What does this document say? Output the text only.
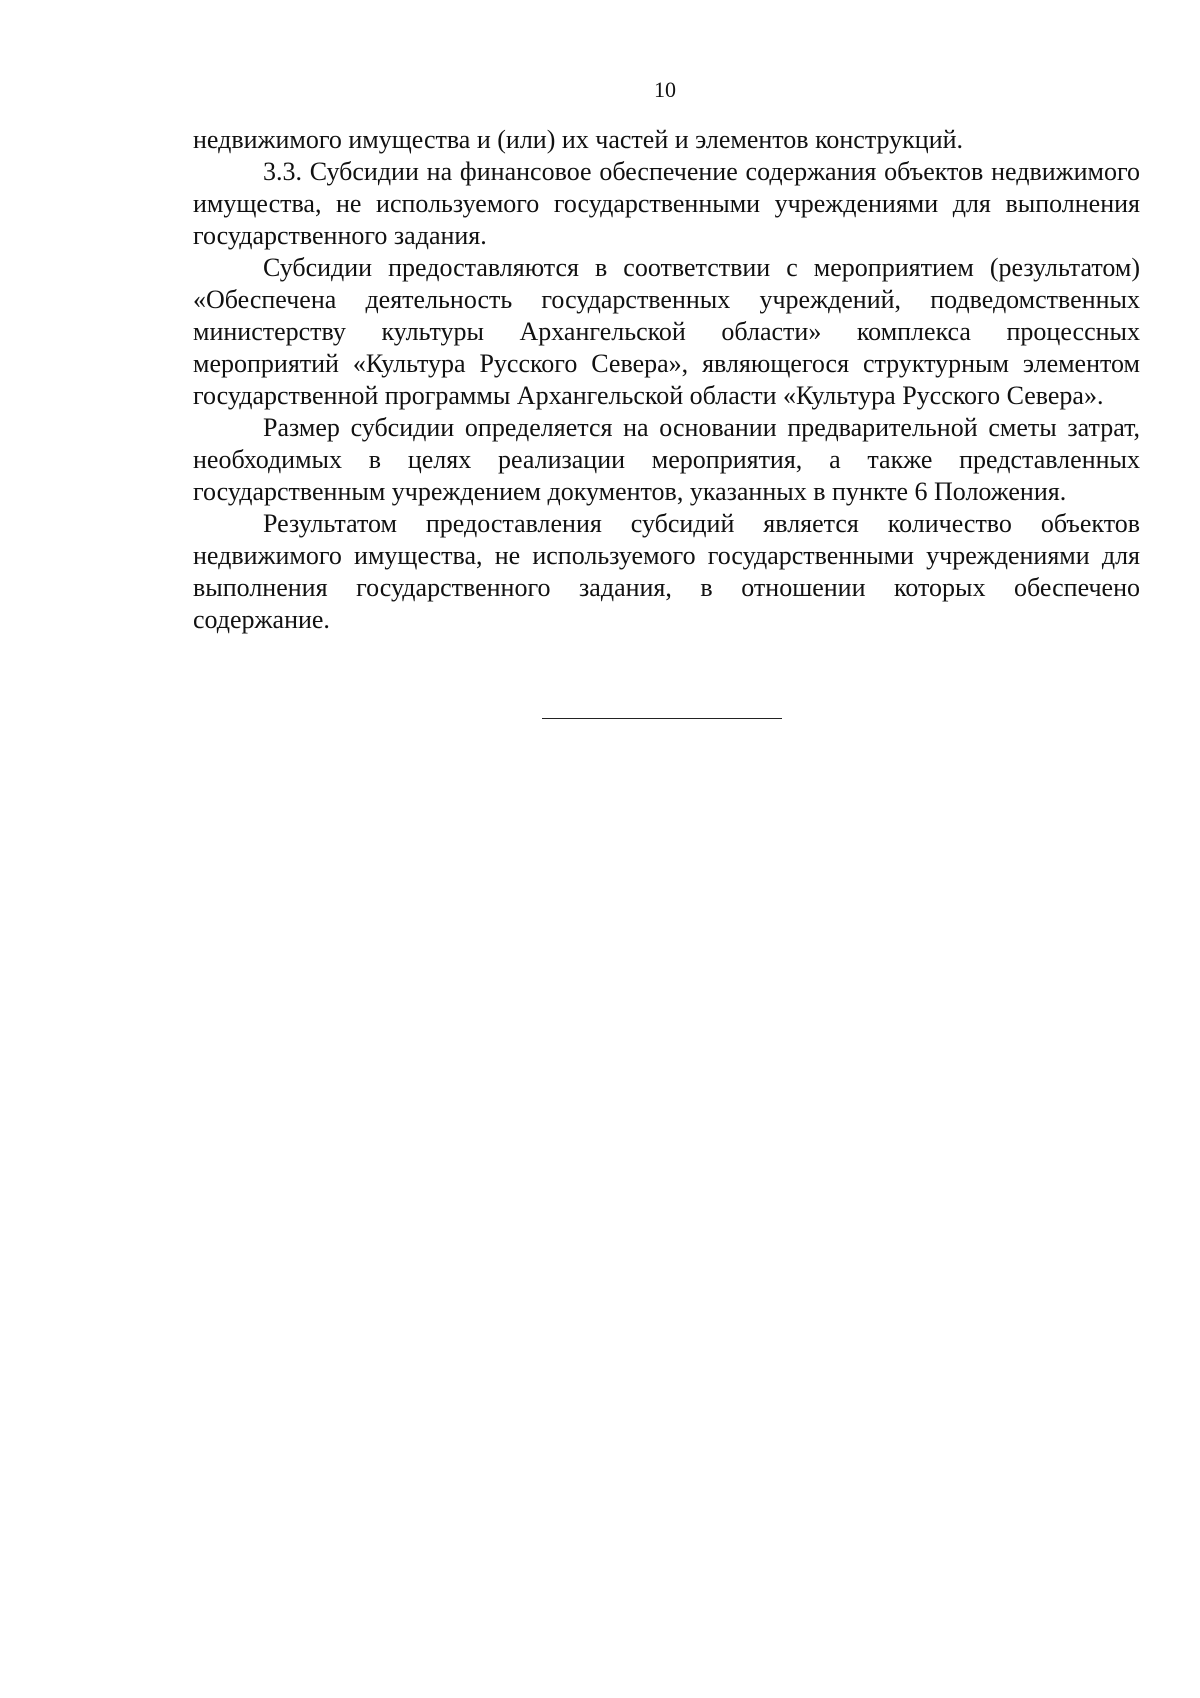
10

недвижимого имущества и (или) их частей и элементов конструкций.

3.3. Субсидии на финансовое обеспечение содержания объектов недвижимого имущества, не используемого государственными учреждениями для выполнения государственного задания.

Субсидии предоставляются в соответствии с мероприятием (результатом) «Обеспечена деятельность государственных учреждений, подведомственных министерству культуры Архангельской области» комплекса процессных мероприятий «Культура Русского Севера», являющегося структурным элементом государственной программы Архангельской области «Культура Русского Севера».

Размер субсидии определяется на основании предварительной сметы затрат, необходимых в целях реализации мероприятия, а также представленных государственным учреждением документов, указанных в пункте 6 Положения.

Результатом предоставления субсидий является количество объектов недвижимого имущества, не используемого государственными учреждениями для выполнения государственного задания, в отношении которых обеспечено содержание.
